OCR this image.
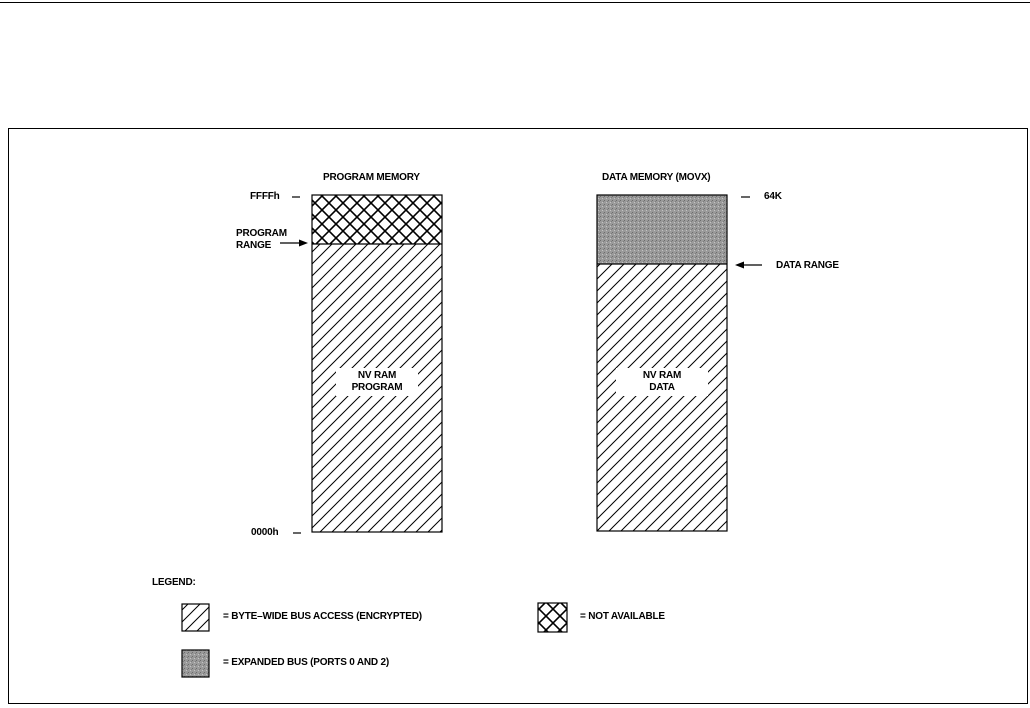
PROGRAM MEMORY
FFFFh
PROGRAM
RANGE
0000h
NV RAM
PROGRAM
DATA MEMORY (MOVX)
64K
DATA RANGE
NV RAM
DATA
LEGEND:
= BYTE–WIDE BUS ACCESS (ENCRYPTED)	= NOT AVAILABLE
= EXPANDED BUS (PORTS 0 AND 2)
